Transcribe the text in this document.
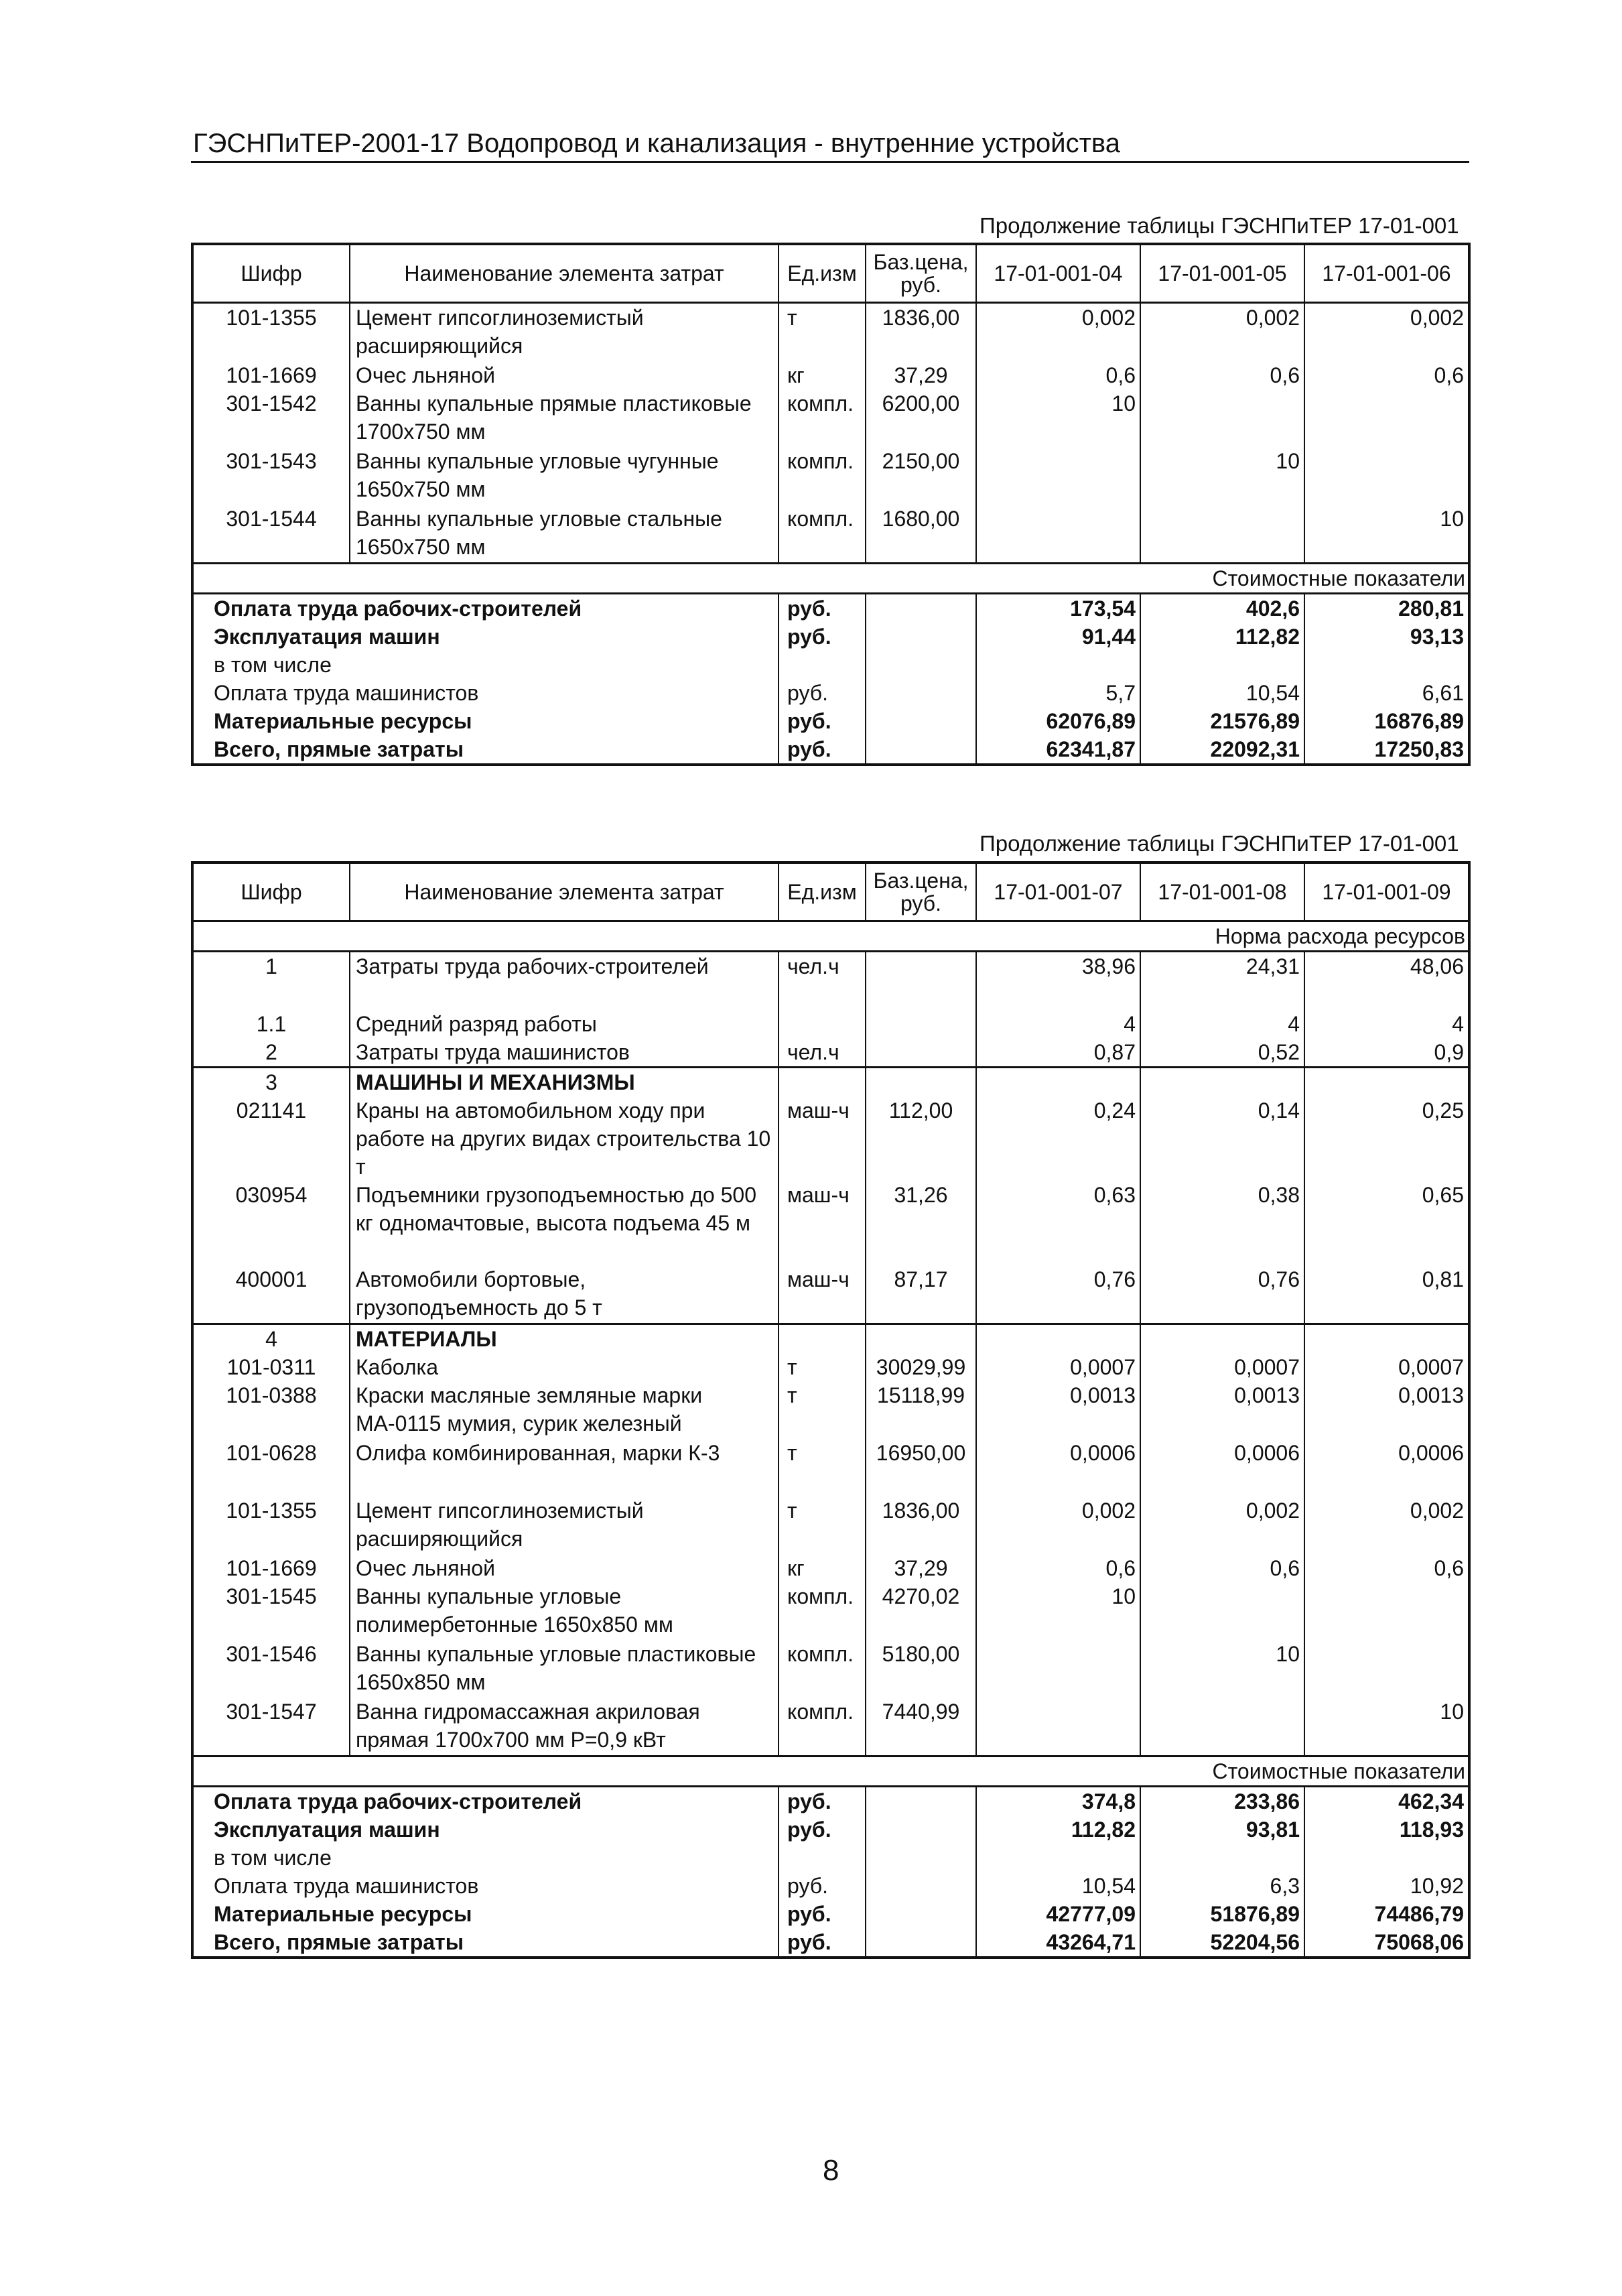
ГЭСНПиТЕР-2001-17 Водопровод и канализация - внутренние устройства
Продолжение таблицы ГЭСНПиТЕР 17-01-001
Шифр	Наименование элемента затрат	Ед.изм	Баз.цена, руб.	17-01-001-04	17-01-001-05	17-01-001-06
101-1355	Цемент гипсоглиноземистый расширяющийся	т	1836,00	0,002	0,002	0,002
101-1669	Очес льняной	кг	37,29	0,6	0,6	0,6
301-1542	Ванны купальные прямые пластиковые 1700x750 мм	компл.	6200,00	10		
301-1543	Ванны купальные угловые чугунные 1650x750 мм	компл.	2150,00		10	
301-1544	Ванны купальные угловые стальные 1650x750 мм	компл.	1680,00			10
Стоимостные показатели						
Оплата труда рабочих-строителей		руб.		173,54	402,6	280,81
Эксплуатация машин		руб.		91,44	112,82	93,13
в том числе						
Оплата труда машинистов		руб.		5,7	10,54	6,61
Материальные ресурсы		руб.		62076,89	21576,89	16876,89
Всего, прямые затраты		руб.		62341,87	22092,31	17250,83
Продолжение таблицы ГЭСНПиТЕР 17-01-001
Шифр	Наименование элемента затрат	Ед.изм	Баз.цена, руб.	17-01-001-07	17-01-001-08	17-01-001-09
Норма расхода ресурсов						
1	Затраты труда рабочих-строителей	чел.ч		38,96	24,31	48,06
1.1	Средний разряд работы			4	4	4
2	Затраты труда машинистов	чел.ч		0,87	0,52	0,9
3	МАШИНЫ И МЕХАНИЗМЫ					
021141	Краны на автомобильном ходу при работе на других видах строительства 10 т	маш-ч	112,00	0,24	0,14	0,25
030954	Подъемники грузоподъемностью до 500 кг одномачтовые, высота подъема 45 м	маш-ч	31,26	0,63	0,38	0,65
400001	Автомобили бортовые, грузоподъемность до 5 т	маш-ч	87,17	0,76	0,76	0,81
4	МАТЕРИАЛЫ					
101-0311	Каболка	т	30029,99	0,0007	0,0007	0,0007
101-0388	Краски масляные земляные марки МА-0115 мумия, сурик железный	т	15118,99	0,0013	0,0013	0,0013
101-0628	Олифа комбинированная, марки К-3	т	16950,00	0,0006	0,0006	0,0006
101-1355	Цемент гипсоглиноземистый расширяющийся	т	1836,00	0,002	0,002	0,002
101-1669	Очес льняной	кг	37,29	0,6	0,6	0,6
301-1545	Ванны купальные угловые полимербетонные 1650x850 мм	компл.	4270,02	10		
301-1546	Ванны купальные угловые пластиковые 1650x850 мм	компл.	5180,00		10	
301-1547	Ванна гидромассажная акриловая прямая 1700x700 мм Р=0,9 кВт	компл.	7440,99			10
Стоимостные показатели						
Оплата труда рабочих-строителей		руб.		374,8	233,86	462,34
Эксплуатация машин		руб.		112,82	93,81	118,93
в том числе						
Оплата труда машинистов		руб.		10,54	6,3	10,92
Материальные ресурсы		руб.		42777,09	51876,89	74486,79
Всего, прямые затраты		руб.		43264,71	52204,56	75068,06
8
